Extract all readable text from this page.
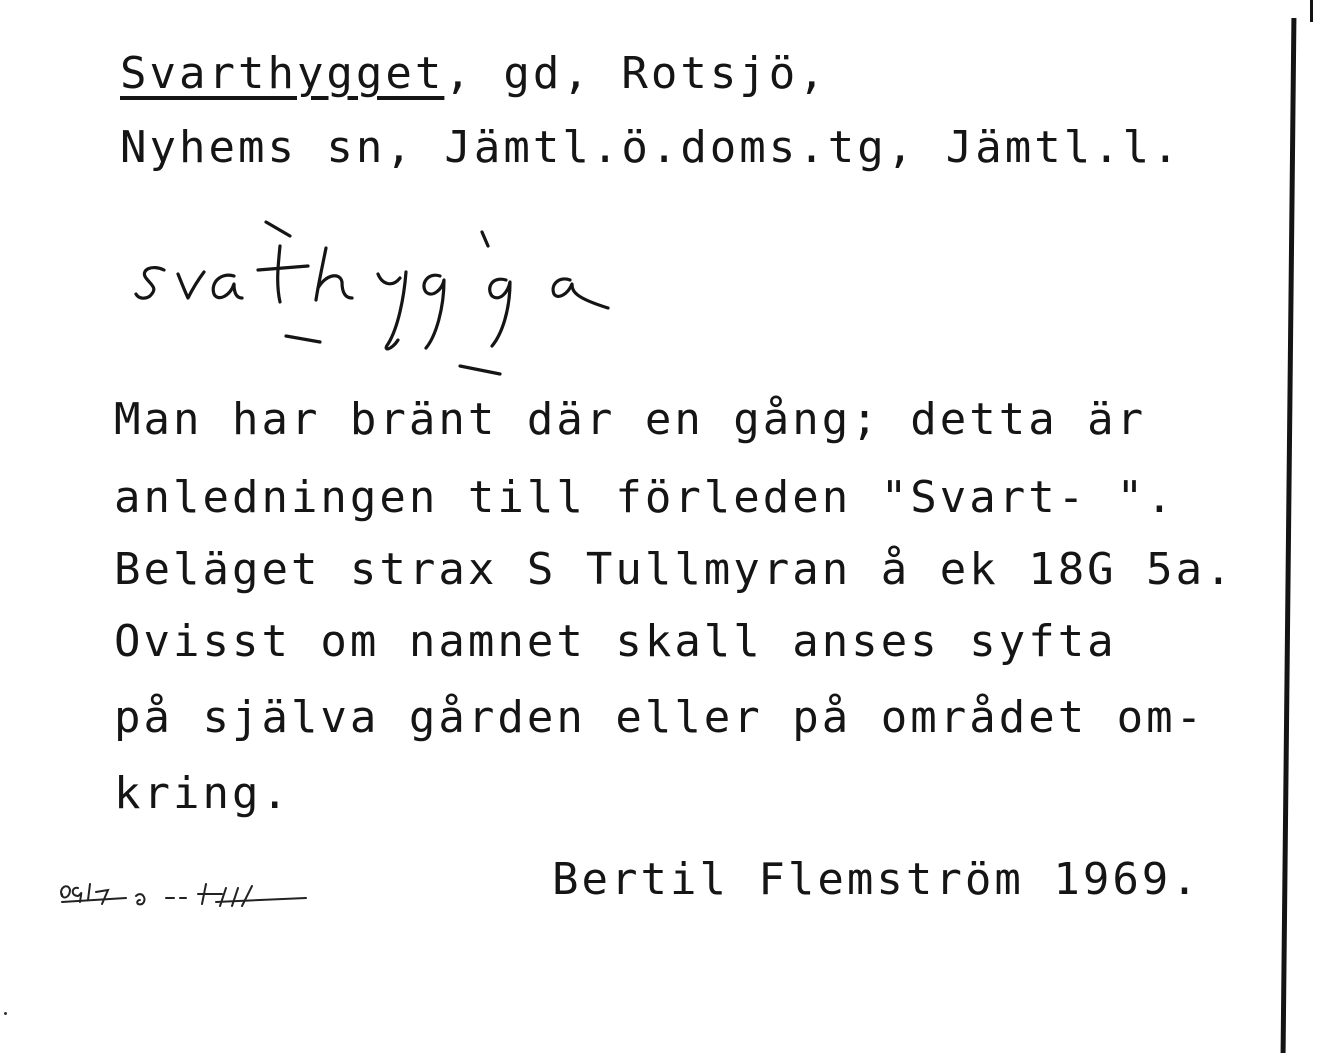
Svarthygget, gd, Rotsjö,
Nyhems sn, Jämtl.ö.doms.tg, Jämtl.l.
Man har bränt där en gång; detta är
anledningen till förleden "Svart- ".
Beläget strax S Tullmyran å ek 18G 5a.
Ovisst om namnet skall anses syfta
på själva gården eller på området om-
kring.
Bertil Flemström 1969.
